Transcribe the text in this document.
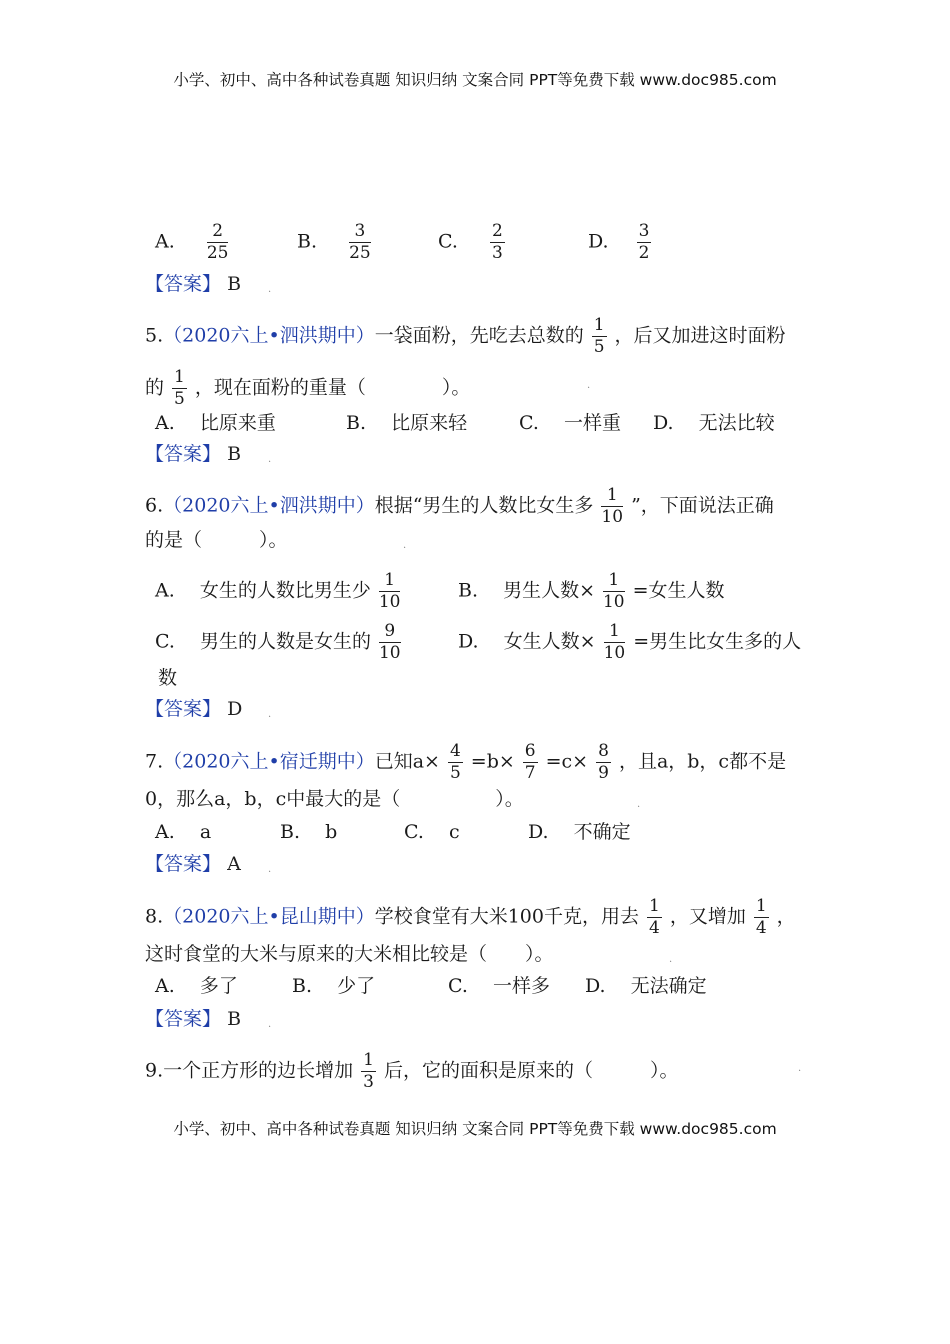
小学、初中、高中各种试卷真题 知识归纳 文案合同 PPT等免费下载 www.doc985.com
A. $\frac{2}{25}$	B. $\frac{3}{25}$	C. $\frac{2}{3}$	D. $\frac{3}{2}$
【答案】 B	.
5.（2020六上•泗洪期中）一袋面粉，先吃去总数的 $\frac{1}{5}$ ，后又加进这时面粉
的 $\frac{1}{5}$ ，现在面粉的重量（　　　　）。	.
A.　 比原来重	B.　 比原来轻	C.　 一样重 D.　 无法比较
【答案】 B	.
6.（2020六上•泗洪期中）根据“男生的人数比女生多 $\frac{1}{10}$ ”，下面说法正确
的是（　　　）。	.
A.　 女生的人数比男生少 $\frac{1}{10}$	B.　 男生人数× $\frac{1}{10}$ =女生人数
C.　 男生的人数是女生的 $\frac{9}{10}$	D.　 女生人数× $\frac{1}{10}$ =男生比女生多的人
数
【答案】 D	.
7.（2020六上•宿迁期中）已知$a\times \frac{4}{5} =b\times \frac{6}{7} =c\times \frac{8}{9}$ ，且a，b，c都不是
0，那么a，b，c中最大的是（　　　　　）。	.
A.　 a	B.　 b	C.　 c	D.　 不确定
【答案】 A	.
8.（2020六上•昆山期中）学校食堂有大米100千克，用去 $\frac{1}{4}$ ，又增加 $\frac{1}{4}$ ，
这时食堂的大米与原来的大米相比较是（　　）。	.
A.　 多了	B.　 少了	C.　 一样多 D.　 无法确定
【答案】 B	.
9.一个正方形的边长增加 $\frac{1}{3}$ 后，它的面积是原来的（　　　）。	.
小学、初中、高中各种试卷真题 知识归纳 文案合同 PPT等免费下载 www.doc985.com
